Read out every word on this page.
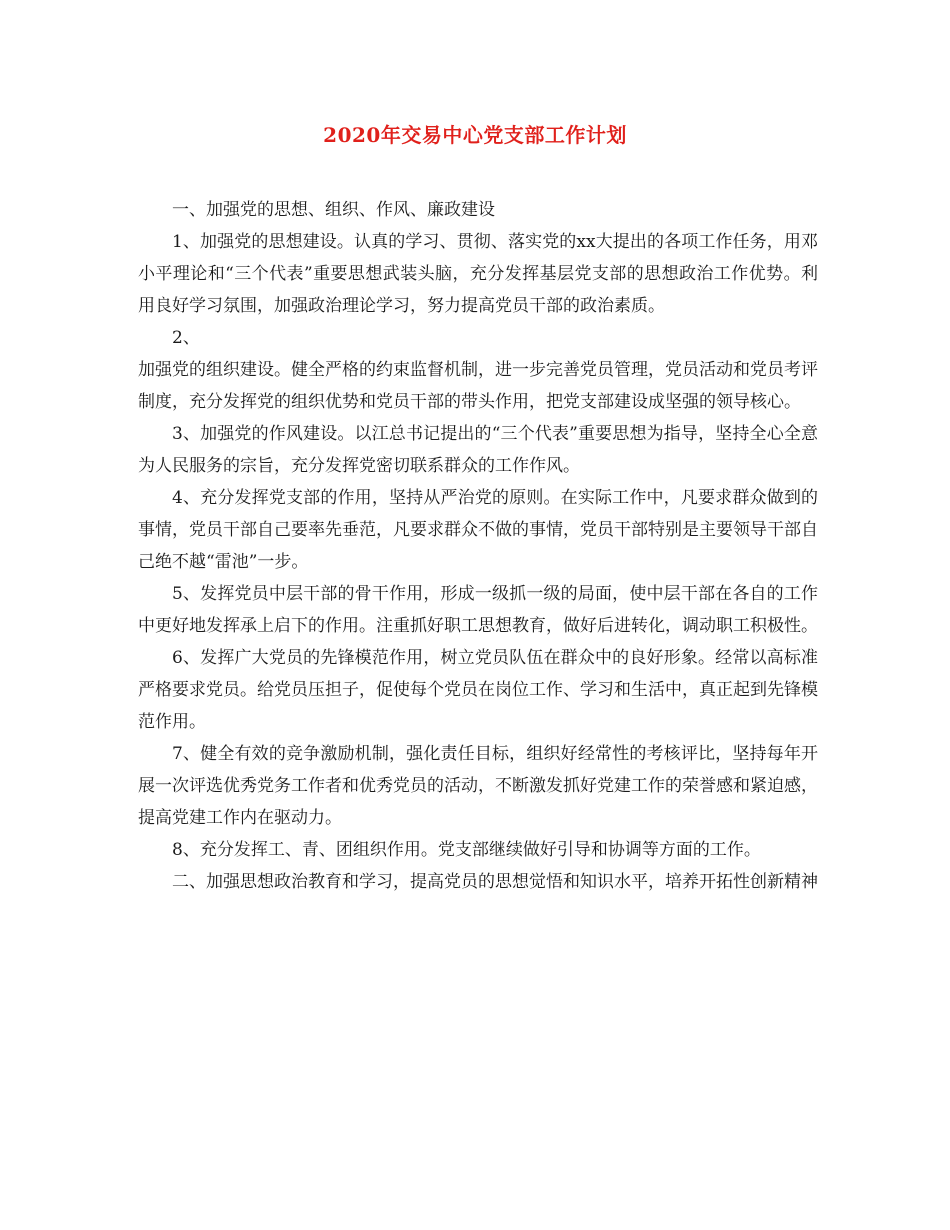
2020年交易中心党支部工作计划

一、加强党的思想、组织、作风、廉政建设

1、加强党的思想建设。认真的学习、贯彻、落实党的xx大提出的各项工作任务，用邓小平理论和“三个代表”重要思想武装头脑，充分发挥基层党支部的思想政治工作优势。利用良好学习氛围，加强政治理论学习，努力提高党员干部的政治素质。

2、

加强党的组织建设。健全严格的约束监督机制，进一步完善党员管理，党员活动和党员考评制度，充分发挥党的组织优势和党员干部的带头作用，把党支部建设成坚强的领导核心。

3、加强党的作风建设。以江总书记提出的“三个代表”重要思想为指导，坚持全心全意为人民服务的宗旨，充分发挥党密切联系群众的工作作风。

4、充分发挥党支部的作用，坚持从严治党的原则。在实际工作中，凡要求群众做到的事情，党员干部自己要率先垂范，凡要求群众不做的事情，党员干部特别是主要领导干部自己绝不越“雷池”一步。

5、发挥党员中层干部的骨干作用，形成一级抓一级的局面，使中层干部在各自的工作中更好地发挥承上启下的作用。注重抓好职工思想教育，做好后进转化，调动职工积极性。

6、发挥广大党员的先锋模范作用，树立党员队伍在群众中的良好形象。经常以高标准严格要求党员。给党员压担子，促使每个党员在岗位工作、学习和生活中，真正起到先锋模范作用。

7、健全有效的竞争激励机制，强化责任目标，组织好经常性的考核评比，坚持每年开展一次评选优秀党务工作者和优秀党员的活动，不断激发抓好党建工作的荣誉感和紧迫感，提高党建工作内在驱动力。

8、充分发挥工、青、团组织作用。党支部继续做好引导和协调等方面的工作。

二、加强思想政治教育和学习，提高党员的思想觉悟和知识水平，培养开拓性创新精神
